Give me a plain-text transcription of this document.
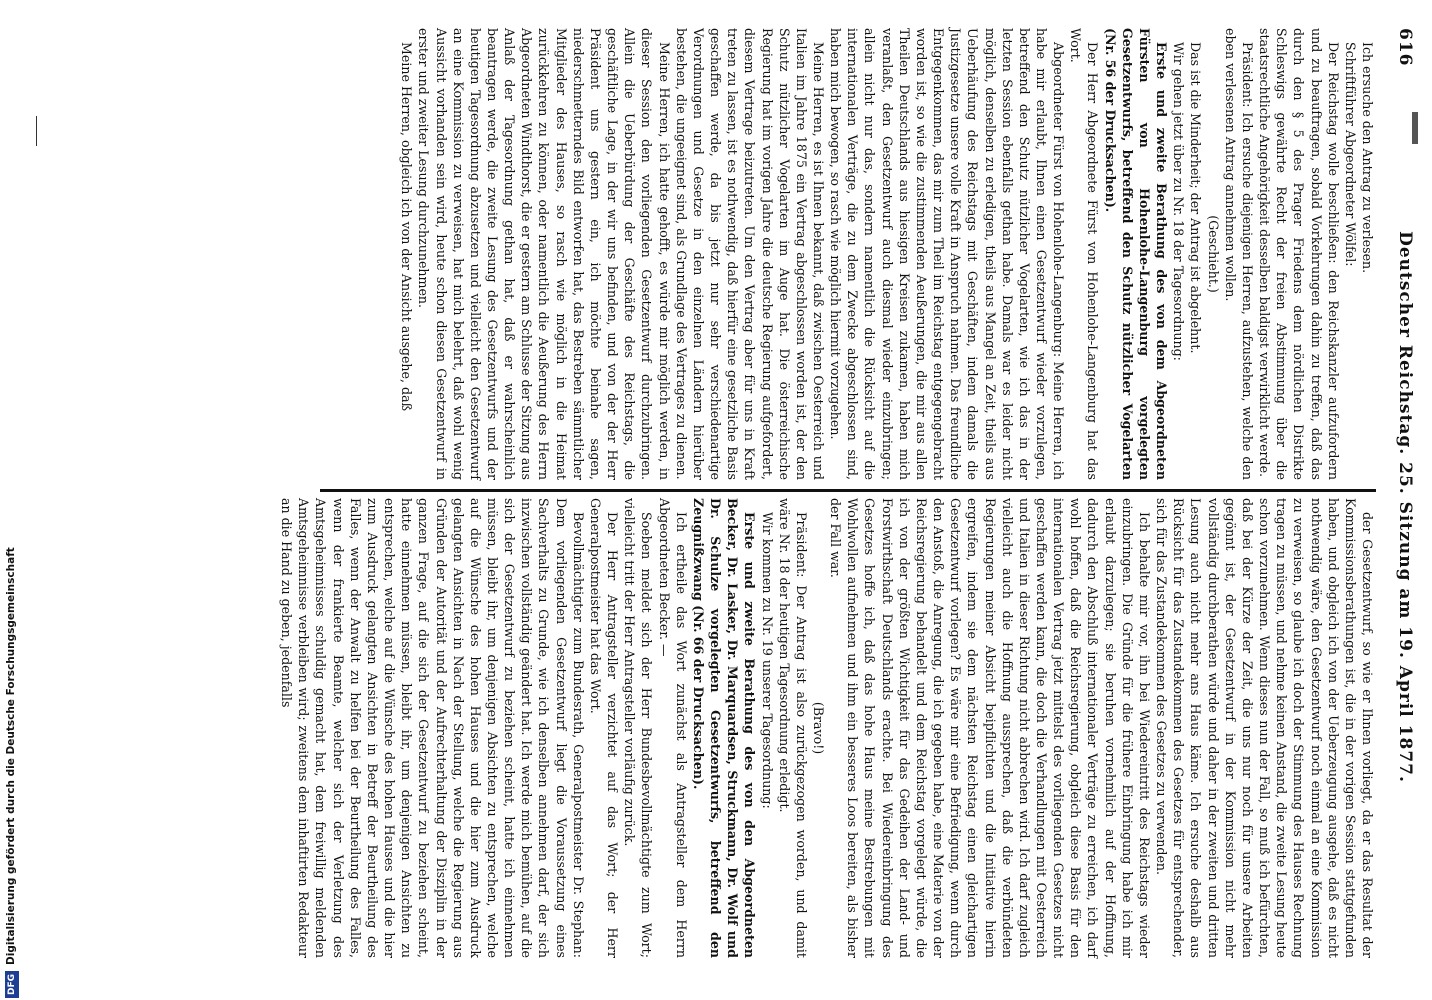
616
Deutscher Reichstag. 25. Sitzung am 19. April 1877.

Ich ersuche den Antrag zu verlesen.

Schriftführer Abgeordneter Wölfel:

Der Reichstag wolle beschließen: den Reichskanzler aufzufordern und zu beauftragen, sobald Vorkehrungen dahin zu treffen, daß das durch den § 5 des Prager Friedens dem nördlichen Distrikte Schleswigs gewährte Recht der freien Abstimmung über die staatsrechtliche Angehörigkeit desselben baldigst verwirklicht werde.

Präsident: Ich ersuche diejenigen Herren, aufzustehen, welche den eben verlesenen Antrag annehmen wollen.

(Geschieht.)

Das ist die Minderheit; der Antrag ist abgelehnt.

Wir gehen jetzt über zu Nr. 18 der Tagesordnung:

Erste und zweite Berathung des von dem Abgeordneten Fürsten von Hohenlohe-Langenburg vorgelegten Gesetzentwurfs, betreffend den Schutz nützlicher Vogelarten (Nr. 56 der Drucksachen).

Der Herr Abgeordnete Fürst von Hohenlohe-Langenburg hat das Wort.

Abgeordneter Fürst von Hohenlohe-Langenburg: Meine Herren, ich habe mir erlaubt, Ihnen einen Gesetzentwurf wieder vorzulegen, betreffend den Schutz nützlicher Vogelarten, wie ich das in der letzten Session ebenfalls gethan habe. Damals war es leider nicht möglich, denselben zu erledigen, theils aus Mangel an Zeit, theils aus Ueberhäufung des Reichstags mit Geschäften, indem damals die Justizgesetze unsere volle Kraft in Anspruch nahmen. Das freundliche Entgegenkommen, das mir zum Theil im Reichstag entgegengebracht worden ist, so wie die zustimmenden Aeußerungen, die mir aus allen Theilen Deutschlands aus hiesigen Kreisen zukamen, haben mich veranlaßt, den Gesetzentwurf auch diesmal wieder einzubringen; allein nicht nur das, sondern namentlich die Rücksicht auf die internationalen Verträge, die zu dem Zwecke abgeschlossen sind, haben mich bewogen, so rasch wie möglich hiermit vorzugehen.

Meine Herren, es ist Ihnen bekannt, daß zwischen Oesterreich und Italien im Jahre 1875 ein Vertrag abgeschlossen worden ist, der den Schutz nützlicher Vogelarten im Auge hat. Die österreichische Regierung hat im vorigen Jahre die deutsche Regierung aufgefordert, diesem Vertrage beizutreten. Um den Vertrag aber für uns in Kraft treten zu lassen, ist es nothwendig, daß hierfür eine gesetzliche Basis geschaffen werde, da bis jetzt nur sehr verschiedenartige Verordnungen und Gesetze in den einzelnen Ländern hierüber bestehen, die ungeeignet sind, als Grundlage des Vertrages zu dienen.

Meine Herren, ich hatte gehofft, es würde mir möglich werden, in dieser Session den vorliegenden Gesetzentwurf durchzubringen. Allein die Ueberbürdung der Geschäfte des Reichstags, die geschäftliche Lage, in der wir uns befinden, und von der der Herr Präsident uns gestern ein, ich möchte beinahe sagen, niederschmetterndes Bild entworfen hat, das Bestreben sämmtlicher Mitglieder des Hauses, so rasch wie möglich in die Heimat zurückkehren zu können, oder namentlich die Aeußerung des Herrn Abgeordneten Windthorst, die er gestern am Schlusse der Sitzung aus Anlaß der Tagesordnung gethan hat, daß er wahrscheinlich beantragen werde, die zweite Lesung des Gesetzentwurfs und der heutigen Tagesordnung abzusetzen und vielleicht den Gesetzentwurf an eine Kommission zu verweisen, hat mich belehrt, daß wohl wenig Aussicht vorhanden sein wird, heute schon diesen Gesetzentwurf in erster und zweiter Lesung durchzunehmen.

Meine Herren, obgleich ich von der Ansicht ausgehe, daß

der Gesetzentwurf, so wie er Ihnen vorliegt, da er das Resultat der Kommissionsberathungen ist, die in der vorigen Session stattgefunden haben, und obgleich ich von der Ueberzeugung ausgehe, daß es nicht nothwendig wäre, den Gesetzentwurf noch einmal an eine Kommission zu verweisen, so glaube ich doch der Stimmung des Hauses Rechnung tragen zu müssen, und nehme keinen Anstand, die zweite Lesung heute schon vorzunehmen. Wenn dieses nun der Fall, so muß ich befürchten, daß bei der Kürze der Zeit, die uns nur noch für unsere Arbeiten gegönnt ist, der Gesetzentwurf in der Kommission nicht mehr vollständig durchberathen würde und daher in der zweiten und dritten Lesung auch nicht mehr ans Haus käme. Ich ersuche deshalb aus Rücksicht für das Zustandekommen des Gesetzes für entsprechender, sich für das Zustandekommen des Gesetzes zu verwenden.

Ich behalte mir vor, ihn bei Wiedereintritt des Reichstags wieder einzubringen. Die Gründe für die frühere Einbringung habe ich mir erlaubt darzulegen; sie beruhen vornehmlich auf der Hoffnung, dadurch den Abschluß internationaler Verträge zu erreichen, ich darf wohl hoffen, daß die Reichsregierung, obgleich diese Basis für den internationalen Vertrag jetzt mittelst des vorliegenden Gesetzes nicht geschaffen werden kann, die doch die Verhandlungen mit Oesterreich und Italien in dieser Richtung nicht abbrechen wird. Ich darf zugleich vielleicht auch die Hoffnung aussprechen, daß die verbündeten Regierungen meiner Absicht beipflichten und die Initiative hierin ergreifen, indem sie dem nächsten Reichstag einen gleichartigen Gesetzentwurf vorlegen? Es wäre mir eine Befriedigung, wenn durch den Anstoß, die Anregung, die ich gegeben habe, eine Materie von der Reichsregierung behandelt und dem Reichstag vorgelegt würde, die ich von der größten Wichtigkeit für das Gedeihen der Land- und Forstwirthschaft Deutschlands erachte. Bei Wiedereinbringung des Gesetzes hoffe ich, daß das hohe Haus meine Bestrebungen mit Wohlwollen aufnehmen und ihm ein besseres Loos bereiten, als bisher der Fall war.

(Bravo!)

Präsident: Der Antrag ist also zurückgezogen worden, und damit wäre Nr. 18 der heutigen Tagesordnung erledigt.

Wir kommen zu Nr. 19 unserer Tagesordnung:

Erste und zweite Berathung des von den Abgeordneten Becker, Dr. Lasker, Dr. Marquardsen, Struckmann, Dr. Wolf und Dr. Schulze vorgelegten Gesetzentwurfs, betreffend den Zeugnißzwang (Nr. 66 der Drucksachen).

Ich ertheile das Wort zunächst als Antragsteller dem Herrn Abgeordneten Becker. —

Soeben meldet sich der Herr Bundesbevollmächtigte zum Wort; vielleicht tritt der Herr Antragsteller vorläufig zurück.

Der Herr Antragsteller verzichtet auf das Wort; der Herr Generalpostmeister hat das Wort.

Bevollmächtigter zum Bundesrath, Generalpostmeister Dr. Stephan: Dem vorliegenden Gesetzentwurf liegt die Voraussetzung eines Sachverhalts zu Grunde, wie ich denselben annehmen darf, der sich inzwischen vollständig geändert hat. Ich werde mich bemühen, auf die sich der Gesetzentwurf zu beziehen scheint, hatte ich einnehmen müssen, bleibt ihr, um denjenigen Absichten zu entsprechen, welche auf die Wünsche des hohen Hauses und die hier zum Ausdruck gelangten Ansichten in Nach der Stellung, welche die Regierung aus Gründen der Autorität und der Aufrechterhaltung der Disziplin in der ganzen Frage, auf die sich der Gesetzentwurf zu beziehen scheint, hatte einnehmen müssen, bleibt ihr, um denjenigen Ansichten zu entsprechen, welche auf die Wünsche des hohen Hauses und die hier zum Ausdruck gelangten Ansichten in Betreff der Beurtheilung des Falles, wenn der Anwalt zu helfen bei der Beurtheilung des Falles, wenn der frankierte Beamte, welcher sich der Verletzung des Amtsgeheimnisses schuldig gemacht hat, dem freiwillig meldenden Amtsgeheimnisse verbleiben wird; zweitens dem inhaftirten Redakteur an die Hand zu geben, jedenfalls

DFGDigitalisierung gefördert durch die Deutsche Forschungsgemeinschaft
